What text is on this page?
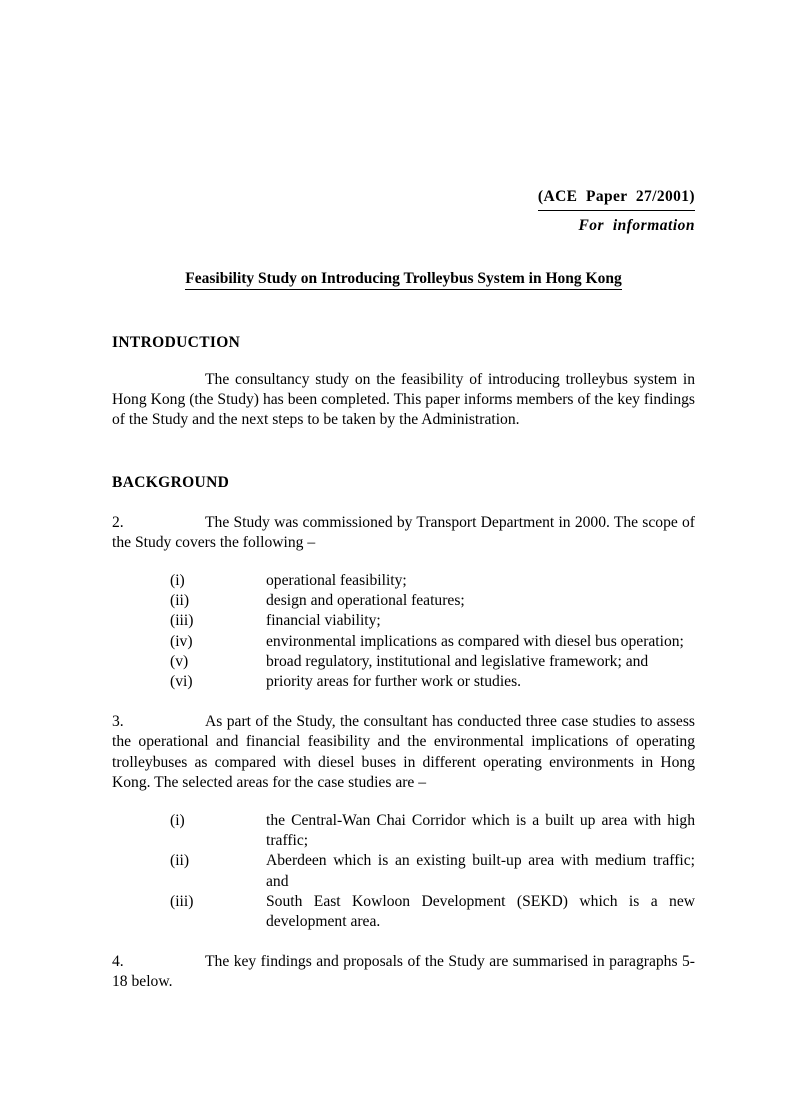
(ACE  Paper  27/2001)
For  information
Feasibility Study on Introducing Trolleybus System in Hong Kong
INTRODUCTION

The consultancy study on the feasibility of introducing trolleybus system in Hong Kong (the Study) has been completed. This paper informs members of the key findings of the Study and the next steps to be taken by the Administration.

BACKGROUND

2.	The Study was commissioned by Transport Department in 2000. The scope of the Study covers the following –

(i)	operational feasibility;
(ii)	design and operational features;
(iii)	financial viability;
(iv)	environmental implications as compared with diesel bus operation;
(v)	broad regulatory, institutional and legislative framework; and
(vi)	priority areas for further work or studies.

3.	As part of the Study, the consultant has conducted three case studies to assess the operational and financial feasibility and the environmental implications of operating trolleybuses as compared with diesel buses in different operating environments in Hong Kong. The selected areas for the case studies are –

(i)	the Central-Wan Chai Corridor which is a built up area with high traffic;
(ii)	Aberdeen which is an existing built-up area with medium traffic; and
(iii)	South East Kowloon Development (SEKD) which is a new development area.

4.	The key findings and proposals of the Study are summarised in paragraphs 5-18 below.
